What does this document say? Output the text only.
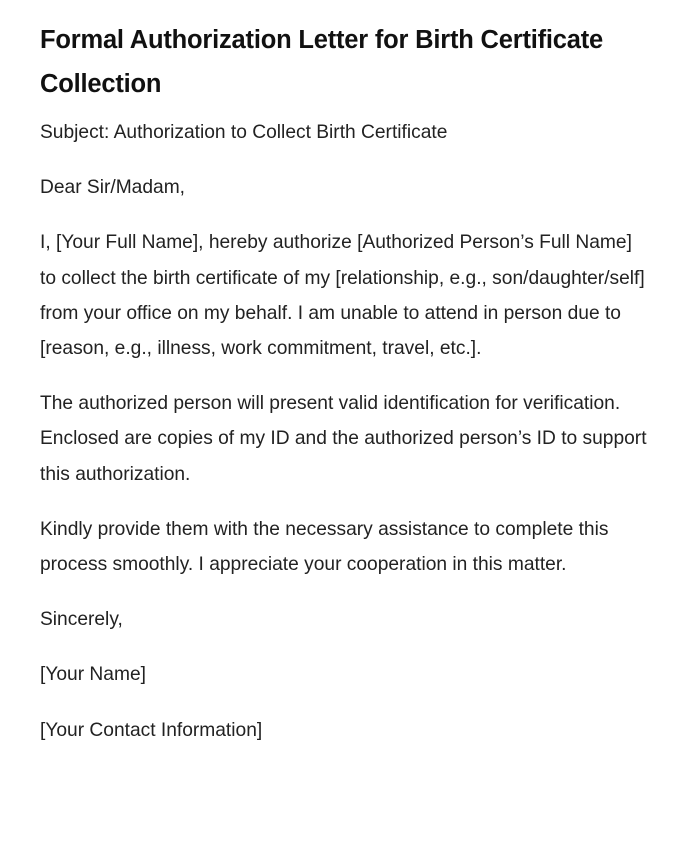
Formal Authorization Letter for Birth Certificate Collection

Subject: Authorization to Collect Birth Certificate

Dear Sir/Madam,

I, [Your Full Name], hereby authorize [Authorized Person’s Full Name] to collect the birth certificate of my [relationship, e.g., son/daughter/self] from your office on my behalf. I am unable to attend in person due to [reason, e.g., illness, work commitment, travel, etc.].

The authorized person will present valid identification for verification. Enclosed are copies of my ID and the authorized person’s ID to support this authorization.

Kindly provide them with the necessary assistance to complete this process smoothly. I appreciate your cooperation in this matter.

Sincerely,

[Your Name]

[Your Contact Information]
